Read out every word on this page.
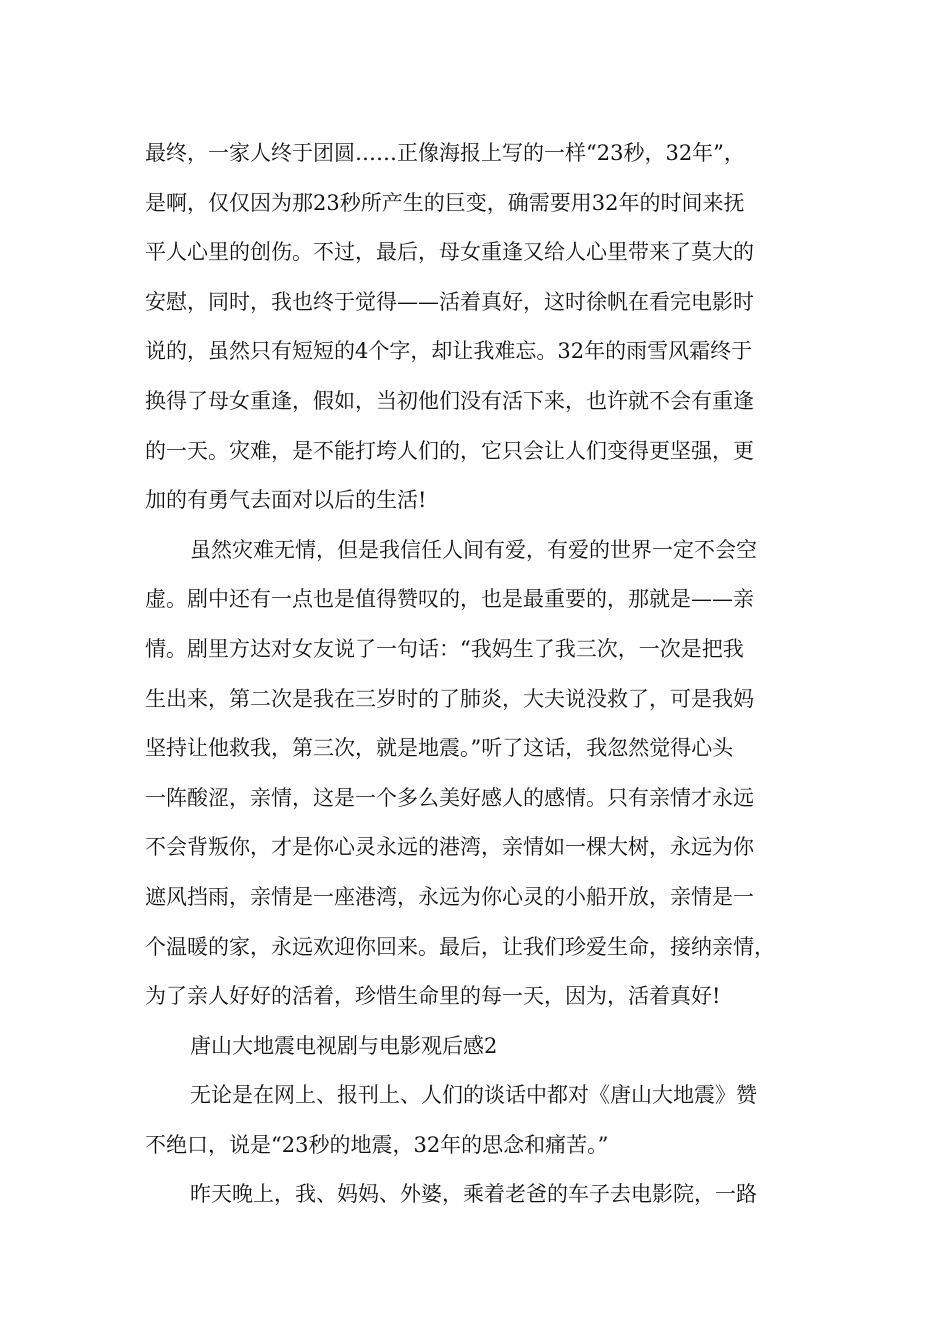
最终，一家人终于团圆……正像海报上写的一样“23秒，32年”，
是啊，仅仅因为那23秒所产生的巨变，确需要用32年的时间来抚
平人心里的创伤。不过，最后，母女重逢又给人心里带来了莫大的
安慰，同时，我也终于觉得——活着真好，这时徐帆在看完电影时
说的，虽然只有短短的4个字，却让我难忘。32年的雨雪风霜终于
换得了母女重逢，假如，当初他们没有活下来，也许就不会有重逢
的一天。灾难，是不能打垮人们的，它只会让人们变得更坚强，更
加的有勇气去面对以后的生活!
虽然灾难无情，但是我信任人间有爱，有爱的世界一定不会空
虚。剧中还有一点也是值得赞叹的，也是最重要的，那就是——亲
情。剧里方达对女友说了一句话：“我妈生了我三次，一次是把我
生出来，第二次是我在三岁时的了肺炎，大夫说没救了，可是我妈
坚持让他救我，第三次，就是地震。”听了这话，我忽然觉得心头
一阵酸涩，亲情，这是一个多么美好感人的感情。只有亲情才永远
不会背叛你，才是你心灵永远的港湾，亲情如一棵大树，永远为你
遮风挡雨，亲情是一座港湾，永远为你心灵的小船开放，亲情是一
个温暖的家，永远欢迎你回来。最后，让我们珍爱生命，接纳亲情，
为了亲人好好的活着，珍惜生命里的每一天，因为，活着真好!
唐山大地震电视剧与电影观后感2
无论是在网上、报刊上、人们的谈话中都对《唐山大地震》赞
不绝口，说是“23秒的地震，32年的思念和痛苦。”
昨天晚上，我、妈妈、外婆，乘着老爸的车子去电影院，一路
